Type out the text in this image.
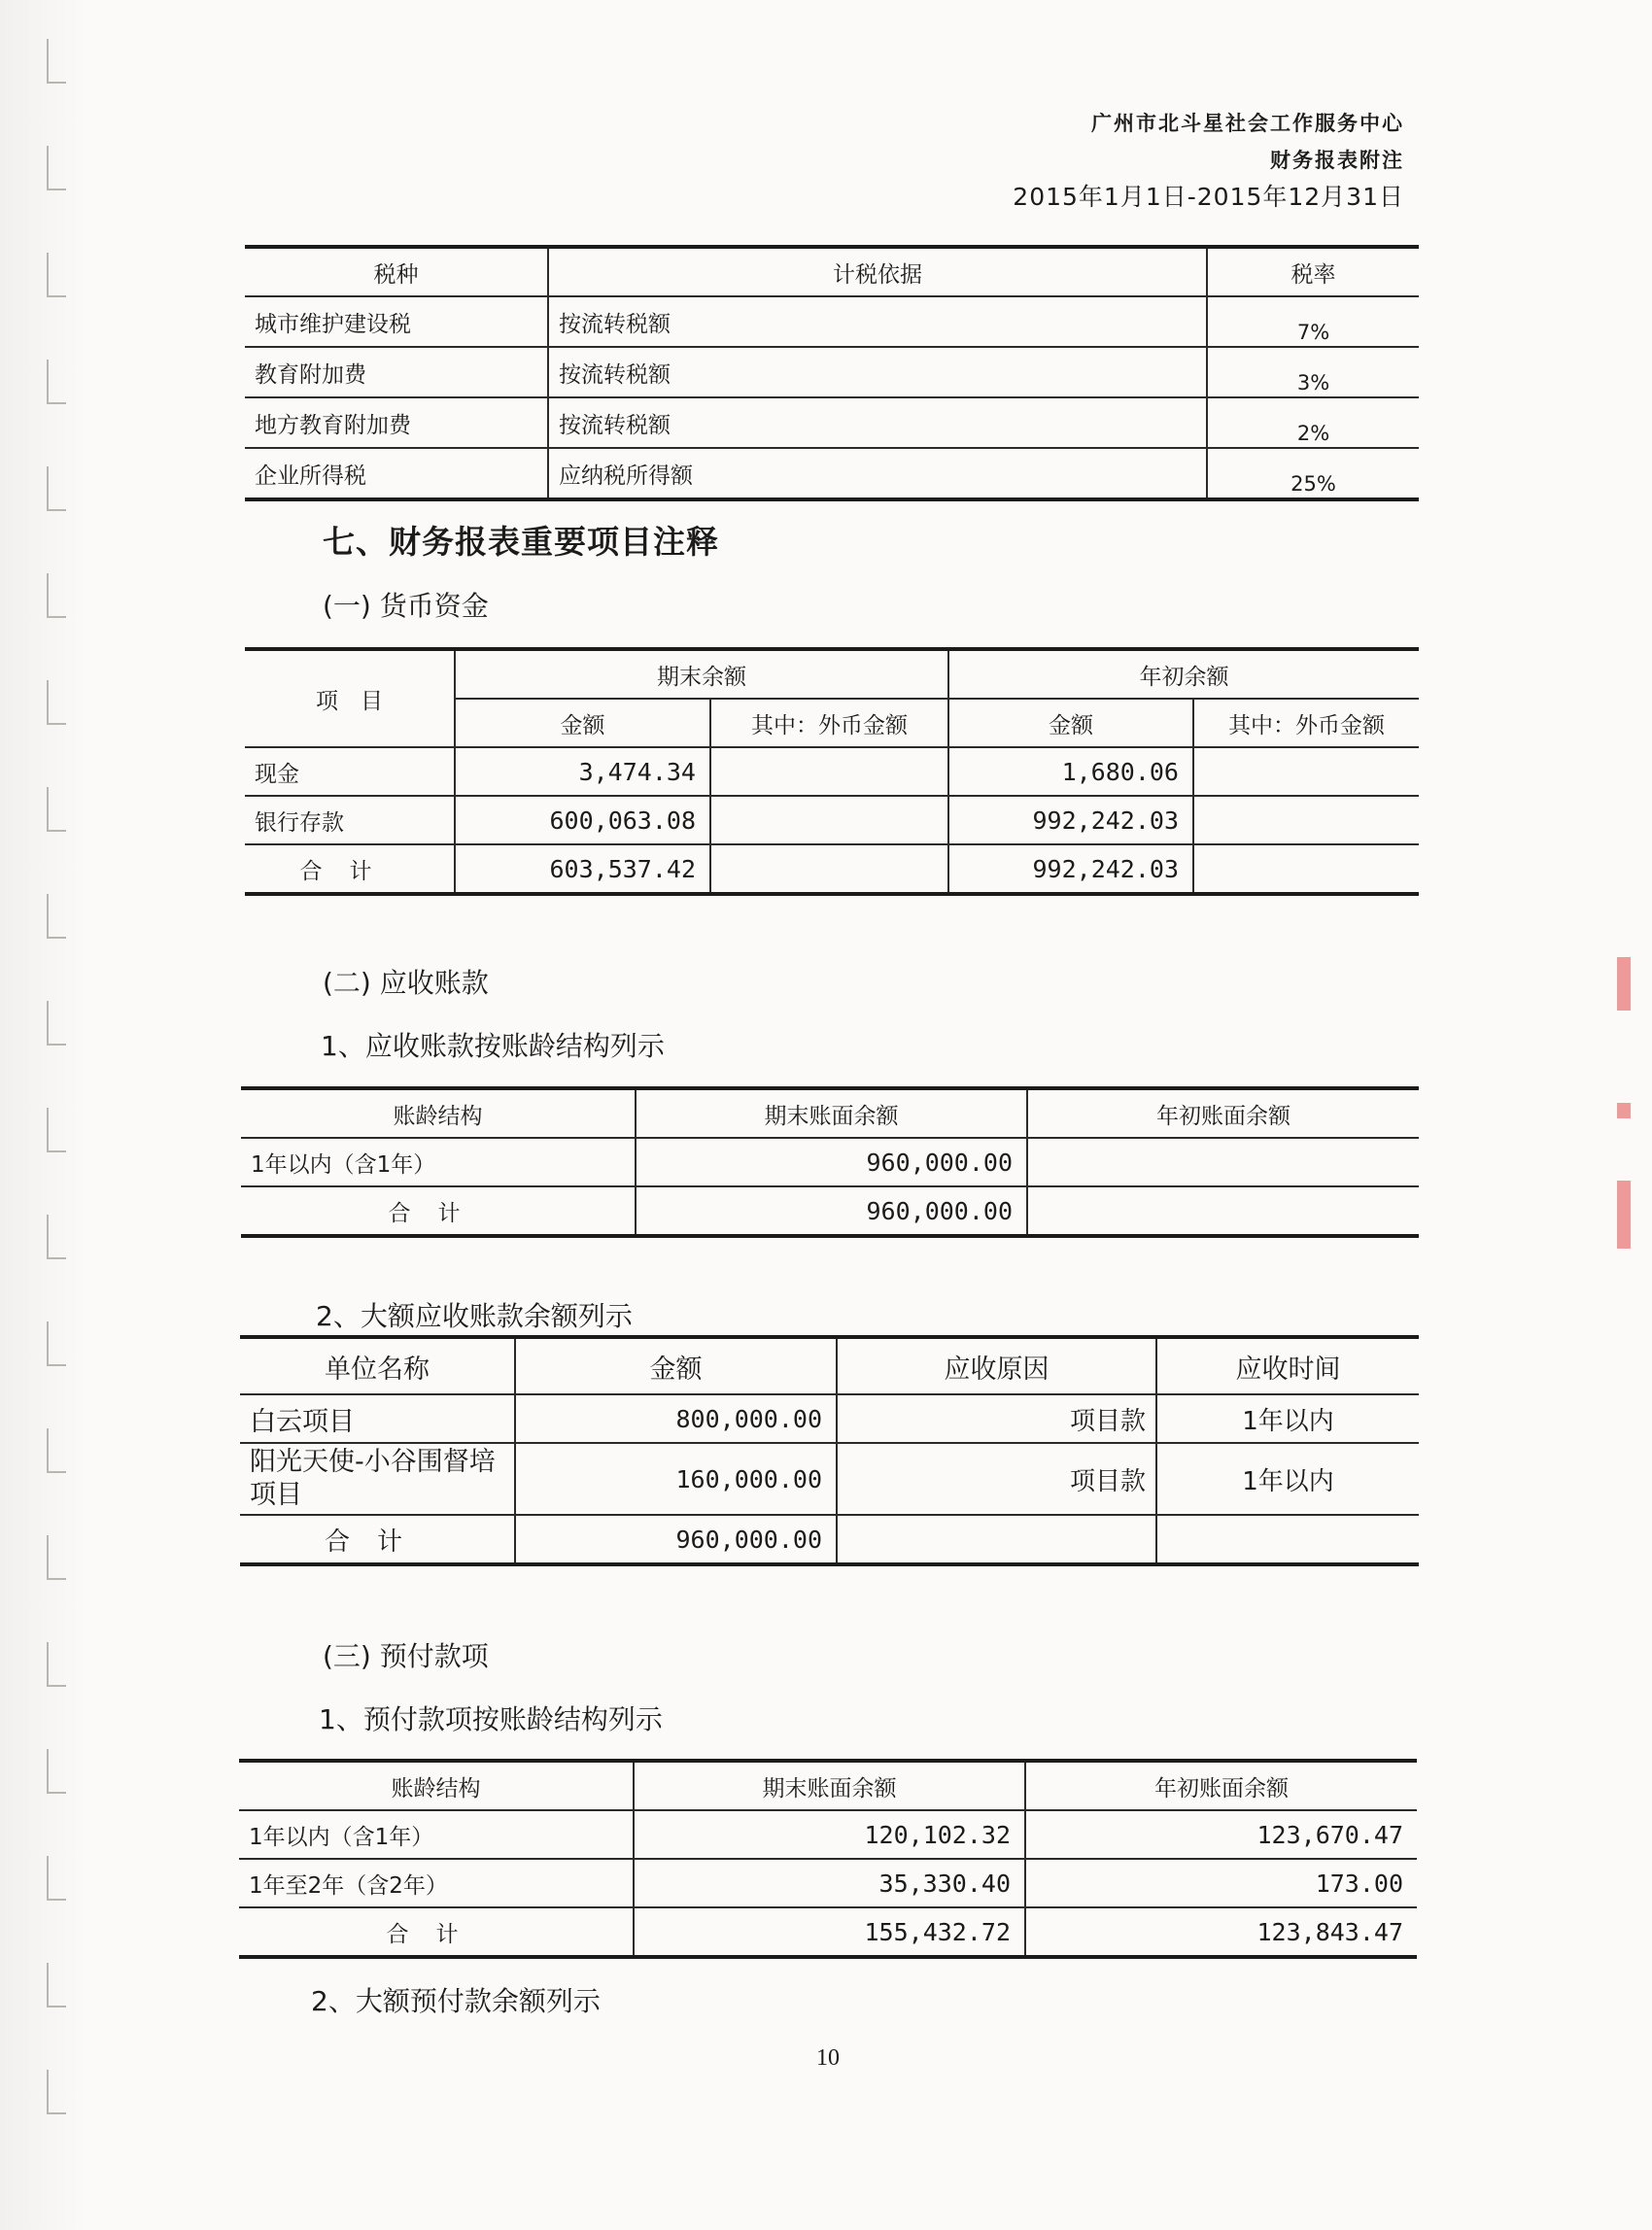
广州市北斗星社会工作服务中心
财务报表附注
2015年1月1日-2015年12月31日
税种	计税依据	税率
城市维护建设税	按流转税额	7%
教育附加费	按流转税额	3%
地方教育附加费	按流转税额	2%
企业所得税	应纳税所得额	25%
七、财务报表重要项目注释
(一) 货币资金
项　目	期末余额		年初余额	
	金额	其中：外币金额	金额	其中：外币金额
现金	3,474.34		1,680.06	
银行存款	600,063.08		992,242.03	
合计	603,537.42		992,242.03	
(二) 应收账款
1、应收账款按账龄结构列示
账龄结构	期末账面余额	年初账面余额
1年以内（含1年）	960,000.00	
合计	960,000.00	
2、大额应收账款余额列示
单位名称	金额	应收原因	应收时间
白云项目	800,000.00	项目款	1年以内
阳光天使-小谷围督培项目	160,000.00	项目款	1年以内
合计	960,000.00		
(三) 预付款项
1、预付款项按账龄结构列示
账龄结构	期末账面余额	年初账面余额
1年以内（含1年）	120,102.32	123,670.47
1年至2年（含2年）	35,330.40	173.00
合计	155,432.72	123,843.47
2、大额预付款余额列示
10
